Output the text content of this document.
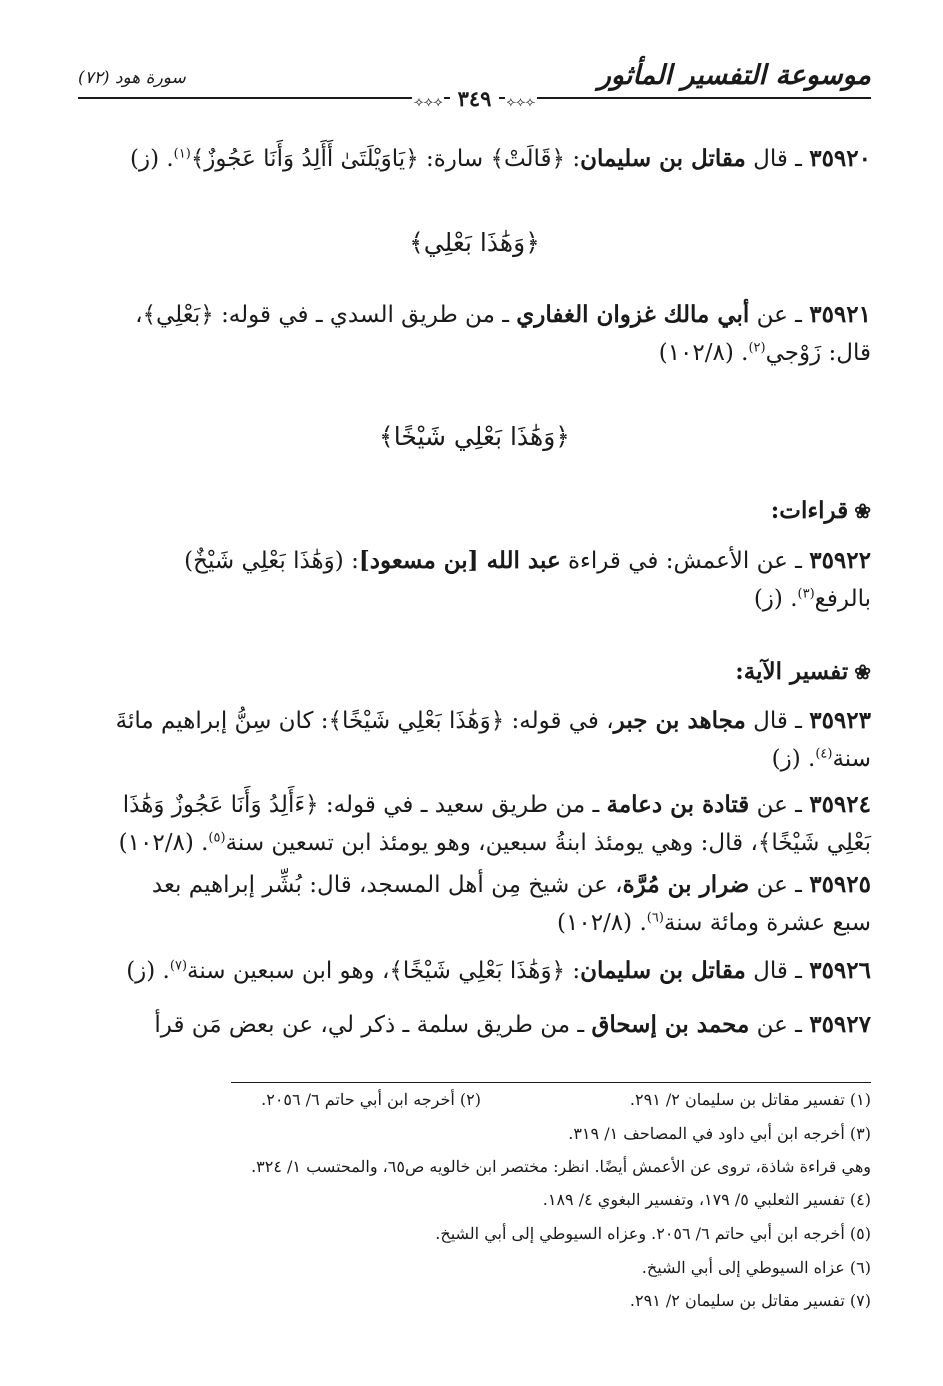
موسوعة التفسير المأثور
سورة هود (٧٢)
⟢⟢⟢ ٣٤٩ ⟣⟣⟣
٣٥٩٢٠ ـ قال مقاتل بن سليمان: ﴿قَالَتْ﴾ سارة: ﴿يَاوَيْلَتَىٰ أَأَلِدُ وَأَنَا عَجُوزٌ﴾$^{(١)}$. (ز)
﴿وَهَٰذَا بَعْلِي﴾
٣٥٩٢١ ـ عن أبي مالك غزوان الغفاري ـ من طريق السدي ـ في قوله: ﴿بَعْلِي﴾،
قال: زَوْجي$^{(٢)}$. (١٠٢/٨)
﴿وَهَٰذَا بَعْلِي شَيْخًا﴾
❀قراءات:
٣٥٩٢٢ ـ عن الأعمش: في قراءة عبد الله [بن مسعود]: (وَهَٰذَا بَعْلِي شَيْخٌ)
بالرفع$^{(٣)}$. (ز)
❀تفسير الآية:
٣٥٩٢٣ ـ قال مجاهد بن جبر، في قوله: ﴿وَهَٰذَا بَعْلِي شَيْخًا﴾: كان سِنُّ إبراهيم مائةَ
سنة$^{(٤)}$. (ز)
٣٥٩٢٤ ـ عن قتادة بن دعامة ـ من طريق سعيد ـ في قوله: ﴿ءَأَلِدُ وَأَنَا عَجُوزٌ وَهَٰذَا
بَعْلِي شَيْخًا﴾، قال: وهي يومئذ ابنةُ سبعين، وهو يومئذ ابن تسعين سنة$^{(٥)}$. (١٠٢/٨)
٣٥٩٢٥ ـ عن ضرار بن مُرَّة، عن شيخ مِن أهل المسجد، قال: بُشِّر إبراهيم بعد
سبع عشرة ومائة سنة$^{(٦)}$. (١٠٢/٨)
٣٥٩٢٦ ـ قال مقاتل بن سليمان: ﴿وَهَٰذَا بَعْلِي شَيْخًا﴾، وهو ابن سبعين سنة$^{(٧)}$. (ز)
٣٥٩٢٧ ـ عن محمد بن إسحاق ـ من طريق سلمة ـ ذكر لي، عن بعض مَن قرأ
(١) تفسير مقاتل بن سليمان ٢/ ٢٩١.
(٢) أخرجه ابن أبي حاتم ٦/ ٢٠٥٦.
(٣) أخرجه ابن أبي داود في المصاحف ١/ ٣١٩.
وهي قراءة شاذة، تروى عن الأعمش أيضًا. انظر: مختصر ابن خالويه ص٦٥، والمحتسب ١/ ٣٢٤.
(٤) تفسير الثعلبي ٥/ ١٧٩، وتفسير البغوي ٤/ ١٨٩.
(٥) أخرجه ابن أبي حاتم ٦/ ٢٠٥٦. وعزاه السيوطي إلى أبي الشيخ.
(٦) عزاه السيوطي إلى أبي الشيخ.
(٧) تفسير مقاتل بن سليمان ٢/ ٢٩١.
